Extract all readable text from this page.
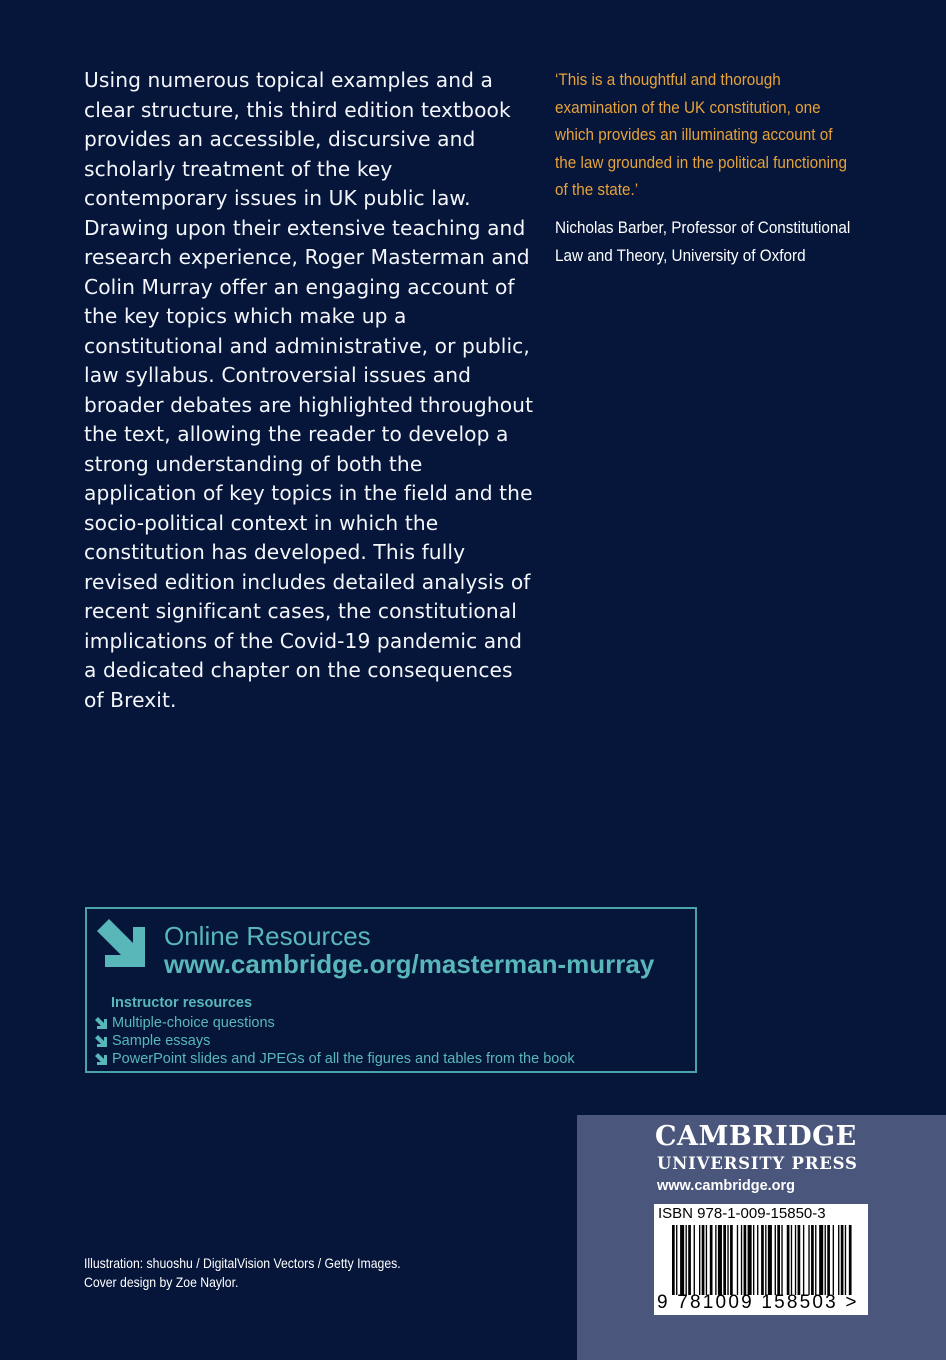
Using numerous topical examples and a clear structure, this third edition textbook provides an accessible, discursive and scholarly treatment of the key contemporary issues in UK public law. Drawing upon their extensive teaching and research experience, Roger Masterman and Colin Murray offer an engaging account of the key topics which make up a constitutional and administrative, or public, law syllabus. Controversial issues and broader debates are highlighted throughout the text, allowing the reader to develop a strong understanding of both the application of key topics in the field and the socio-political context in which the constitution has developed. This fully revised edition includes detailed analysis of recent significant cases, the constitutional implications of the Covid-19 pandemic and a dedicated chapter on the consequences of Brexit.
‘This is a thoughtful and thorough examination of the UK constitution, one which provides an illuminating account of the law grounded in the political functioning of the state.’
Nicholas Barber, Professor of Constitutional Law and Theory, University of Oxford
Online Resources
www.cambridge.org/masterman-murray
Instructor resources
Multiple-choice questions
Sample essays
PowerPoint slides and JPEGs of all the figures and tables from the book
Illustration: shuoshu / DigitalVision Vectors / Getty Images.
Cover design by Zoe Naylor.
CAMBRIDGE
UNIVERSITY PRESS
www.cambridge.org
ISBN 978-1-009-15850-3
9 781009 158503 >
